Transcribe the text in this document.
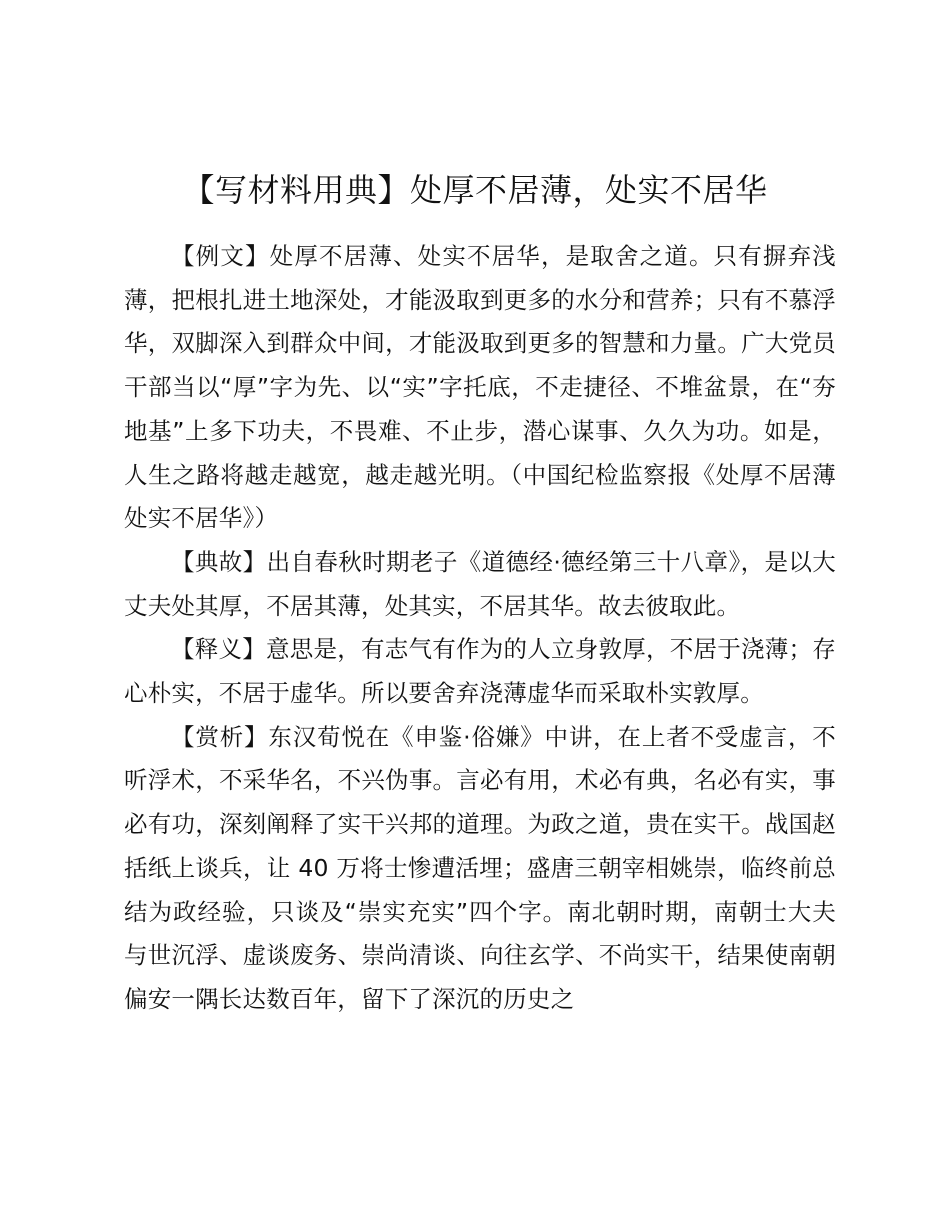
【写材料用典】处厚不居薄，处实不居华

【例文】处厚不居薄、处实不居华，是取舍之道。只有摒弃浅薄，把根扎进土地深处，才能汲取到更多的水分和营养；只有不慕浮华，双脚深入到群众中间，才能汲取到更多的智慧和力量。广大党员干部当以“厚”字为先、以“实”字托底，不走捷径、不堆盆景，在“夯地基”上多下功夫，不畏难、不止步，潜心谋事、久久为功。如是，人生之路将越走越宽，越走越光明。（中国纪检监察报《处厚不居薄 处实不居华》）

【典故】出自春秋时期老子《道德经·德经第三十八章》，是以大丈夫处其厚，不居其薄，处其实，不居其华。故去彼取此。

【释义】意思是，有志气有作为的人立身敦厚，不居于浇薄；存心朴实，不居于虚华。所以要舍弃浇薄虚华而采取朴实敦厚。

【赏析】东汉荀悦在《申鉴·俗嫌》中讲，在上者不受虚言，不听浮术，不采华名，不兴伪事。言必有用，术必有典，名必有实，事必有功，深刻阐释了实干兴邦的道理。为政之道，贵在实干。战国赵括纸上谈兵，让 40 万将士惨遭活埋；盛唐三朝宰相姚崇，临终前总结为政经验，只谈及“崇实充实”四个字。南北朝时期，南朝士大夫与世沉浮、虚谈废务、崇尚清谈、向往玄学、不尚实干，结果使南朝偏安一隅长达数百年，留下了深沉的历史之
